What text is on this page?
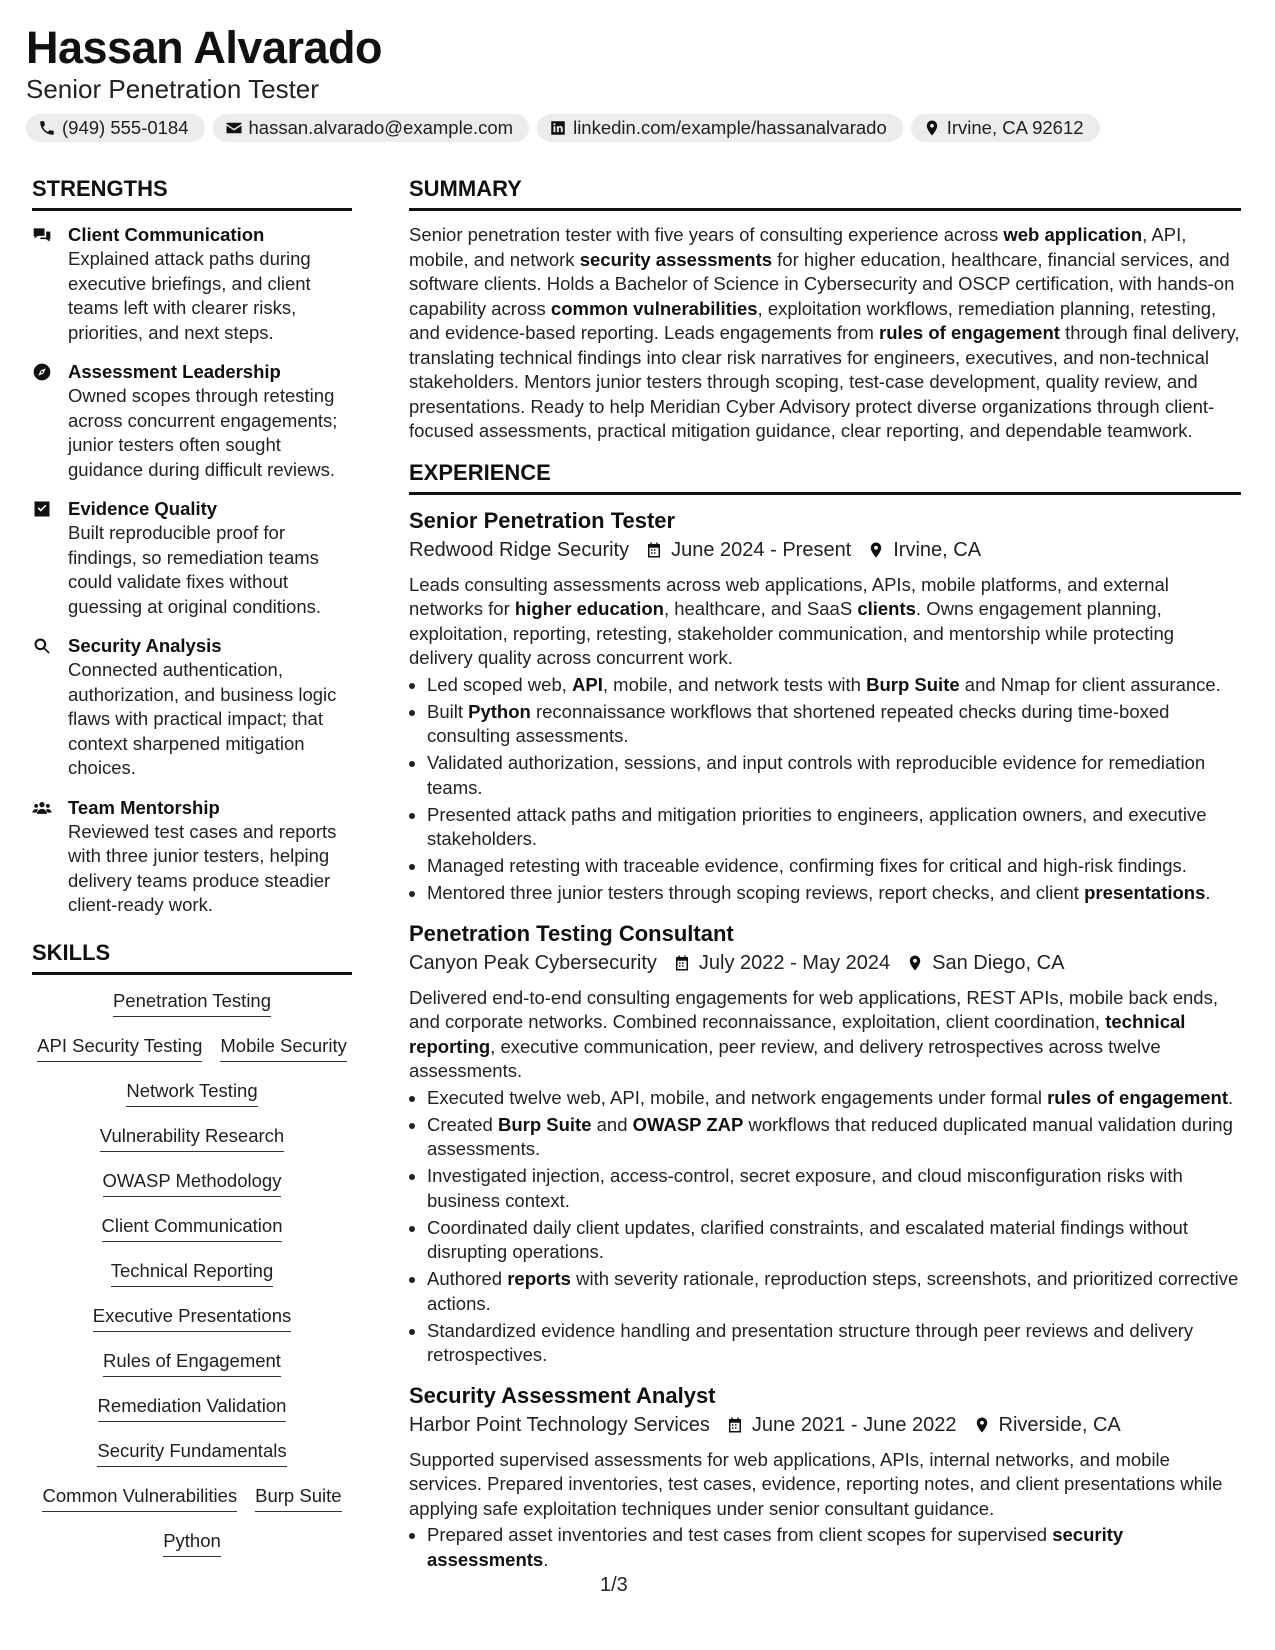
Hassan Alvarado
Senior Penetration Tester
(949) 555-0184	hassan.alvarado@example.com	linkedin.com/example/hassanalvarado	Irvine, CA 92612
STRENGTHS
Client Communication
Explained attack paths during executive briefings, and client teams left with clearer risks, priorities, and next steps.
Assessment Leadership
Owned scopes through retesting across concurrent engagements; junior testers often sought guidance during difficult reviews.
Evidence Quality
Built reproducible proof for findings, so remediation teams could validate fixes without guessing at original conditions.
Security Analysis
Connected authentication, authorization, and business logic flaws with practical impact; that context sharpened mitigation choices.
Team Mentorship
Reviewed test cases and reports with three junior testers, helping delivery teams produce steadier client-ready work.
SKILLS
Penetration Testing
API Security Testing Mobile Security
Network Testing
Vulnerability Research
OWASP Methodology
Client Communication
Technical Reporting
Executive Presentations
Rules of Engagement
Remediation Validation
Security Fundamentals
Common Vulnerabilities Burp Suite
Python
SUMMARY

Senior penetration tester with five years of consulting experience across web application, API, mobile, and network security assessments for higher education, healthcare, financial services, and software clients. Holds a Bachelor of Science in Cybersecurity and OSCP certification, with hands-on capability across common vulnerabilities, exploitation workflows, remediation planning, retesting, and evidence-based reporting. Leads engagements from rules of engagement through final delivery, translating technical findings into clear risk narratives for engineers, executives, and non-technical stakeholders. Mentors junior testers through scoping, test-case development, quality review, and presentations. Ready to help Meridian Cyber Advisory protect diverse organizations through client-focused assessments, practical mitigation guidance, clear reporting, and dependable teamwork.

EXPERIENCE
Senior Penetration Tester
Redwood Ridge Security June 2024 - Present Irvine, CA
Leads consulting assessments across web applications, APIs, mobile platforms, and external networks for higher education, healthcare, and SaaS clients. Owns engagement planning, exploitation, reporting, retesting, stakeholder communication, and mentorship while protecting delivery quality across concurrent work.
• Led scoped web, API, mobile, and network tests with Burp Suite and Nmap for client assurance.
• Built Python reconnaissance workflows that shortened repeated checks during time-boxed consulting assessments.
• Validated authorization, sessions, and input controls with reproducible evidence for remediation teams.
• Presented attack paths and mitigation priorities to engineers, application owners, and executive stakeholders.
• Managed retesting with traceable evidence, confirming fixes for critical and high-risk findings.
• Mentored three junior testers through scoping reviews, report checks, and client presentations.
Penetration Testing Consultant
Canyon Peak Cybersecurity July 2022 - May 2024 San Diego, CA
Delivered end-to-end consulting engagements for web applications, REST APIs, mobile back ends, and corporate networks. Combined reconnaissance, exploitation, client coordination, technical reporting, executive communication, peer review, and delivery retrospectives across twelve assessments.
• Executed twelve web, API, mobile, and network engagements under formal rules of engagement.
• Created Burp Suite and OWASP ZAP workflows that reduced duplicated manual validation during assessments.
• Investigated injection, access-control, secret exposure, and cloud misconfiguration risks with business context.
• Coordinated daily client updates, clarified constraints, and escalated material findings without disrupting operations.
• Authored reports with severity rationale, reproduction steps, screenshots, and prioritized corrective actions.
• Standardized evidence handling and presentation structure through peer reviews and delivery retrospectives.
Security Assessment Analyst
Harbor Point Technology Services June 2021 - June 2022 Riverside, CA
Supported supervised assessments for web applications, APIs, internal networks, and mobile services. Prepared inventories, test cases, evidence, reporting notes, and client presentations while applying safe exploitation techniques under senior consultant guidance.
• Prepared asset inventories and test cases from client scopes for supervised security assessments.
1/3
